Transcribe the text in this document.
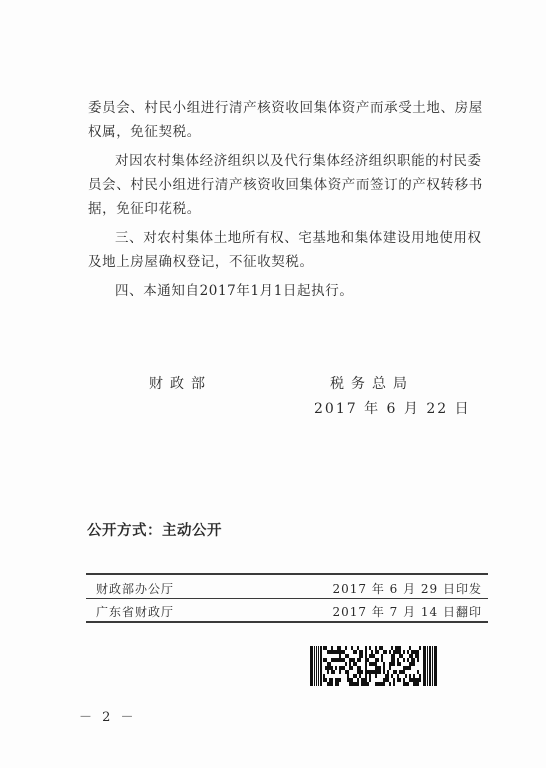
委员会、村民小组进行清产核资收回集体资产而承受土地、房屋
权属，免征契税。
对因农村集体经济组织以及代行集体经济组织职能的村民委
员会、村民小组进行清产核资收回集体资产而签订的产权转移书
据，免征印花税。
三、对农村集体土地所有权、宅基地和集体建设用地使用权
及地上房屋确权登记，不征收契税。
四、本通知自2017年1月1日起执行。
财政部	税务总局
2017 年 6 月 22 日
公开方式：主动公开
财政部办公厅	2017 年 6 月 29 日印发
广东省财政厅	2017 年 7 月 14 日翻印
－ 2 －
